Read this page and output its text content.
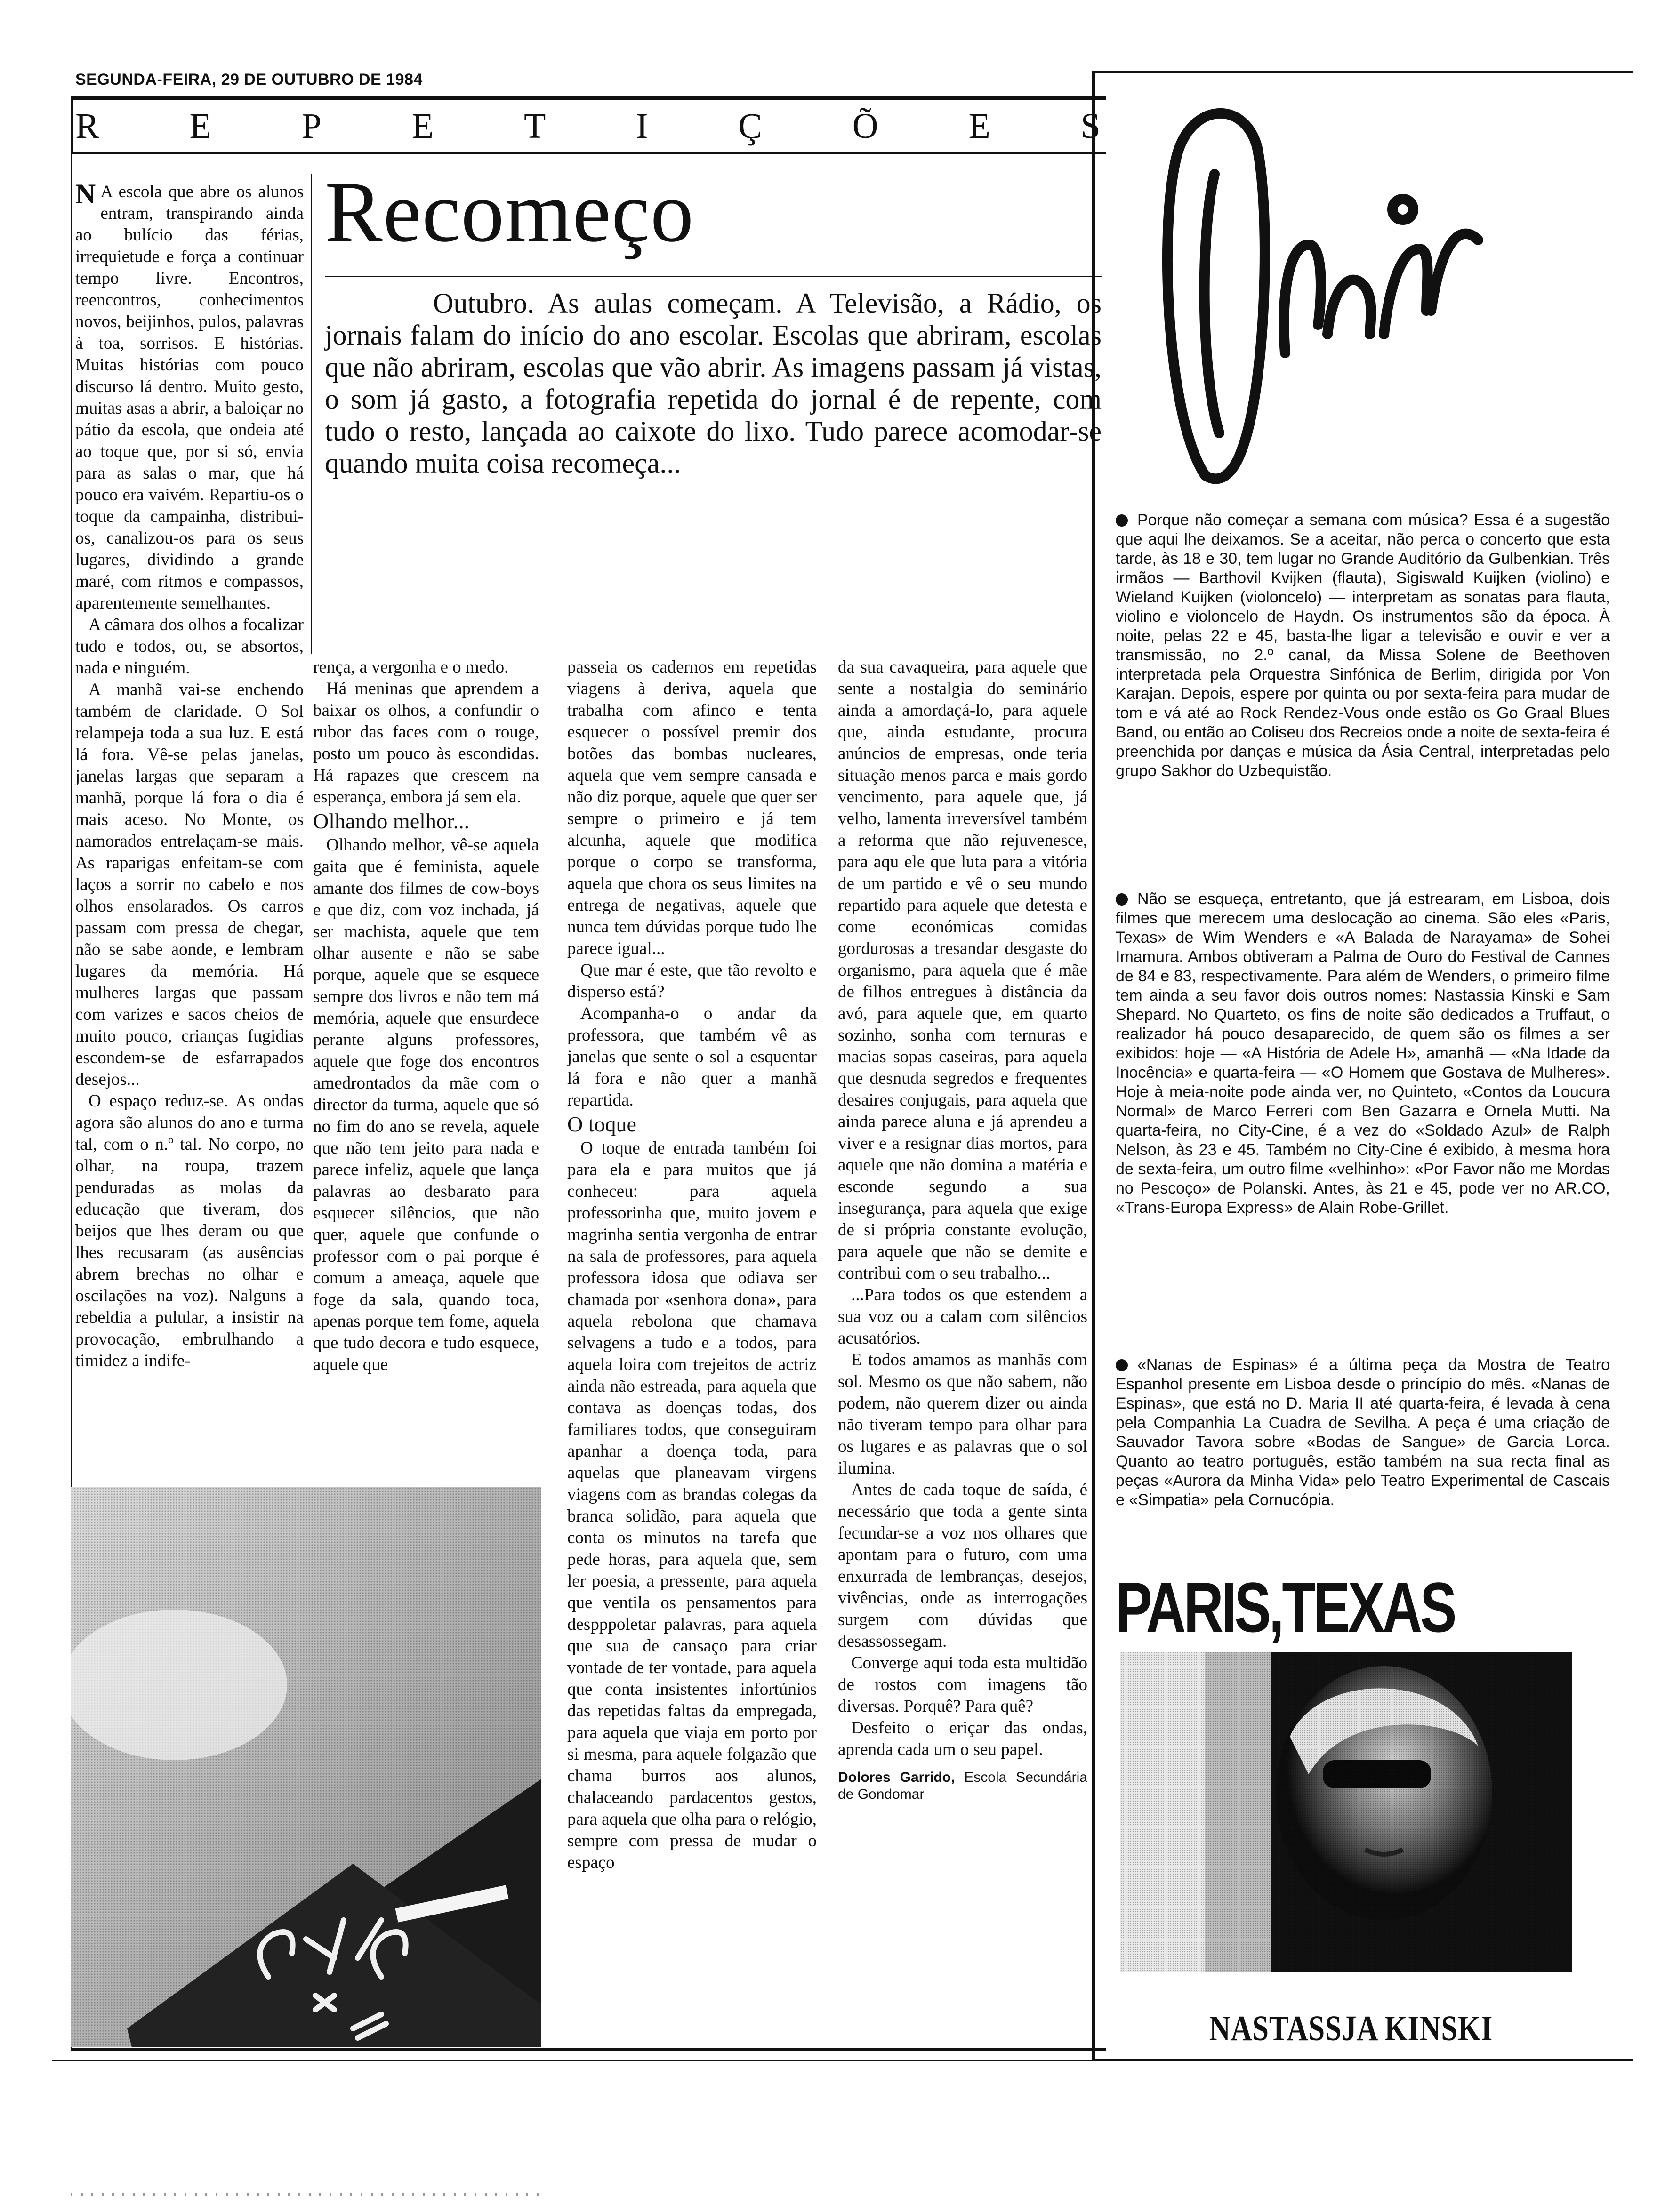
SEGUNDA-FEIRA, 29 DE OUTUBRO DE 1984
R E P E T I Ç Õ E S
Recomeço
Outubro. As aulas começam. A Televisão, a Rádio, os jornais falam do início do ano escolar. Escolas que abriram, escolas que não abriram, escolas que vão abrir. As imagens passam já vistas, o som já gasto, a fotografia repetida do jornal é de repente, com tudo o resto, lançada ao caixote do lixo. Tudo parece acomodar-se quando muita coisa recomeça...

N A escola que abre os alunos entram, transpirando ainda ao bulício das férias, irrequietude e força a continuar tempo livre. Encontros, reencontros, conhecimentos novos, beijinhos, pulos, palavras à toa, sorrisos. E histórias. Muitas histórias com pouco discurso lá dentro. Muito gesto, muitas asas a abrir, a baloiçar no pátio da escola, que ondeia até ao toque que, por si só, envia para as salas o mar, que há pouco era vaivém. Repartiu-os o toque da campainha, distribui-os, canalizou-os para os seus lugares, dividindo a grande maré, com ritmos e compassos, aparentemente semelhantes.

A câmara dos olhos a focalizar tudo e todos, ou, se absortos, nada e ninguém.

A manhã vai-se enchendo também de claridade. O Sol relampeja toda a sua luz. E está lá fora. Vê-se pelas janelas, janelas largas que separam a manhã, porque lá fora o dia é mais aceso. No Monte, os namorados entrelaçam-se mais. As raparigas enfeitam-se com laços a sorrir no cabelo e nos olhos ensolarados. Os carros passam com pressa de chegar, não se sabe aonde, e lembram lugares da memória. Há mulheres largas que passam com varizes e sacos cheios de muito pouco, crianças fugidias escondem-se de esfarrapados desejos...

O espaço reduz-se. As ondas agora são alunos do ano e turma tal, com o n.º tal. No corpo, no olhar, na roupa, trazem penduradas as molas da educação que tiveram, dos beijos que lhes deram ou que lhes recusaram (as ausências abrem brechas no olhar e oscilações na voz). Nalguns a rebeldia a pulular, a insistir na provocação, embrulhando a timidez a indife-

rença, a vergonha e o medo.

Há meninas que aprendem a baixar os olhos, a confundir o rubor das faces com o rouge, posto um pouco às escondidas. Há rapazes que crescem na esperança, embora já sem ela.

Olhando melhor...

Olhando melhor, vê-se aquela gaita que é feminista, aquele amante dos filmes de cow-boys e que diz, com voz inchada, já ser machista, aquele que tem olhar ausente e não se sabe porque, aquele que se esquece sempre dos livros e não tem má memória, aquele que ensurdece perante alguns professores, aquele que foge dos encontros amedrontados da mãe com o director da turma, aquele que só no fim do ano se revela, aquele que não tem jeito para nada e parece infeliz, aquele que lança palavras ao desbarato para esquecer silêncios, que não quer, aquele que confunde o professor com o pai porque é comum a ameaça, aquele que foge da sala, quando toca, apenas porque tem fome, aquela que tudo decora e tudo esquece, aquele que

passeia os cadernos em repetidas viagens à deriva, aquela que trabalha com afinco e tenta esquecer o possível premir dos botões das bombas nucleares, aquela que vem sempre cansada e não diz porque, aquele que quer ser sempre o primeiro e já tem alcunha, aquele que modifica porque o corpo se transforma, aquela que chora os seus limites na entrega de negativas, aquele que nunca tem dúvidas porque tudo lhe parece igual...

Que mar é este, que tão revolto e disperso está?

Acompanha-o o andar da professora, que também vê as janelas que sente o sol a esquentar lá fora e não quer a manhã repartida.

O toque

O toque de entrada também foi para ela e para muitos que já conheceu: para aquela professorinha que, muito jovem e magrinha sentia vergonha de entrar na sala de professores, para aquela professora idosa que odiava ser chamada por «senhora dona», para aquela rebolona que chamava selvagens a tudo e a todos, para aquela loira com trejeitos de actriz ainda não estreada, para aquela que contava as doenças todas, dos familiares todos, que conseguiram apanhar a doença toda, para aquelas que planeavam virgens viagens com as brandas colegas da branca solidão, para aquela que conta os minutos na tarefa que pede horas, para aquela que, sem ler poesia, a pressente, para aquela que ventila os pensamentos para despppoletar palavras, para aquela que sua de cansaço para criar vontade de ter vontade, para aquela que conta insistentes infortúnios das repetidas faltas da empregada, para aquela que viaja em porto por si mesma, para aquele folgazão que chama burros aos alunos, chalaceando pardacentos gestos, para aquela que olha para o relógio, sempre com pressa de mudar o espaço

da sua cavaqueira, para aquele que sente a nostalgia do seminário ainda a amordaçá-lo, para aquele que, ainda estudante, procura anúncios de empresas, onde teria situação menos parca e mais gordo vencimento, para aquele que, já velho, lamenta irreversível também a reforma que não rejuvenesce, para aqu ele que luta para a vitória de um partido e vê o seu mundo repartido para aquele que detesta e come económicas comidas gordurosas a tresandar desgaste do organismo, para aquela que é mãe de filhos entregues à distância da avó, para aquele que, em quarto sozinho, sonha com ternuras e macias sopas caseiras, para aquela que desnuda segredos e frequentes desaires conjugais, para aquela que ainda parece aluna e já aprendeu a viver e a resignar dias mortos, para aquele que não domina a matéria e esconde segundo a sua insegurança, para aquela que exige de si própria constante evolução, para aquele que não se demite e contribui com o seu trabalho...

...Para todos os que estendem a sua voz ou a calam com silêncios acusatórios.

E todos amamos as manhãs com sol. Mesmo os que não sabem, não podem, não querem dizer ou ainda não tiveram tempo para olhar para os lugares e as palavras que o sol ilumina.

Antes de cada toque de saída, é necessário que toda a gente sinta fecundar-se a voz nos olhares que apontam para o futuro, com uma enxurrada de lembranças, desejos, vivências, onde as interrogações surgem com dúvidas que desassossegam.

Converge aqui toda esta multidão de rostos com imagens tão diversas. Porquê? Para quê?

Desfeito o eriçar das ondas, aprenda cada um o seu papel.

Dolores Garrido, Escola Secundária de Gondomar
Ouvir

Porque não começar a semana com música? Essa é a sugestão que aqui lhe deixamos. Se a aceitar, não perca o concerto que esta tarde, às 18 e 30, tem lugar no Grande Auditório da Gulbenkian. Três irmãos — Barthovil Kvijken (flauta), Sigiswald Kuijken (violino) e Wieland Kuijken (violoncelo) — interpretam as sonatas para flauta, violino e violoncelo de Haydn. Os instrumentos são da época. À noite, pelas 22 e 45, basta-lhe ligar a televisão e ouvir e ver a transmissão, no 2.º canal, da Missa Solene de Beethoven interpretada pela Orquestra Sinfónica de Berlim, dirigida por Von Karajan. Depois, espere por quinta ou por sexta-feira para mudar de tom e vá até ao Rock Rendez-Vous onde estão os Go Graal Blues Band, ou então ao Coliseu dos Recreios onde a noite de sexta-feira é preenchida por danças e música da Ásia Central, interpretadas pelo grupo Sakhor do Uzbequistão.

Não se esqueça, entretanto, que já estrearam, em Lisboa, dois filmes que merecem uma deslocação ao cinema. São eles «Paris, Texas» de Wim Wenders e «A Balada de Narayama» de Sohei Imamura. Ambos obtiveram a Palma de Ouro do Festival de Cannes de 84 e 83, respectivamente. Para além de Wenders, o primeiro filme tem ainda a seu favor dois outros nomes: Nastassia Kinski e Sam Shepard. No Quarteto, os fins de noite são dedicados a Truffaut, o realizador há pouco desaparecido, de quem são os filmes a ser exibidos: hoje — «A História de Adele H», amanhã — «Na Idade da Inocência» e quarta-feira — «O Homem que Gostava de Mulheres». Hoje à meia-noite pode ainda ver, no Quinteto, «Contos da Loucura Normal» de Marco Ferreri com Ben Gazarra e Ornela Mutti. Na quarta-feira, no City-Cine, é a vez do «Soldado Azul» de Ralph Nelson, às 23 e 45. Também no City-Cine é exibido, à mesma hora de sexta-feira, um outro filme «velhinho»: «Por Favor não me Mordas no Pescoço» de Polanski. Antes, às 21 e 45, pode ver no AR.CO, «Trans-Europa Express» de Alain Robe-Grillet.

«Nanas de Espinas» é a última peça da Mostra de Teatro Espanhol presente em Lisboa desde o princípio do mês. «Nanas de Espinas», que está no D. Maria II até quarta-feira, é levada à cena pela Companhia La Cuadra de Sevilha. A peça é uma criação de Sauvador Tavora sobre «Bodas de Sangue» de Garcia Lorca. Quanto ao teatro português, estão também na sua recta final as peças «Aurora da Minha Vida» pelo Teatro Experimental de Cascais e «Simpatia» pela Cornucópia.

PARIS,TEXAS
NASTASSJA KINSKI
